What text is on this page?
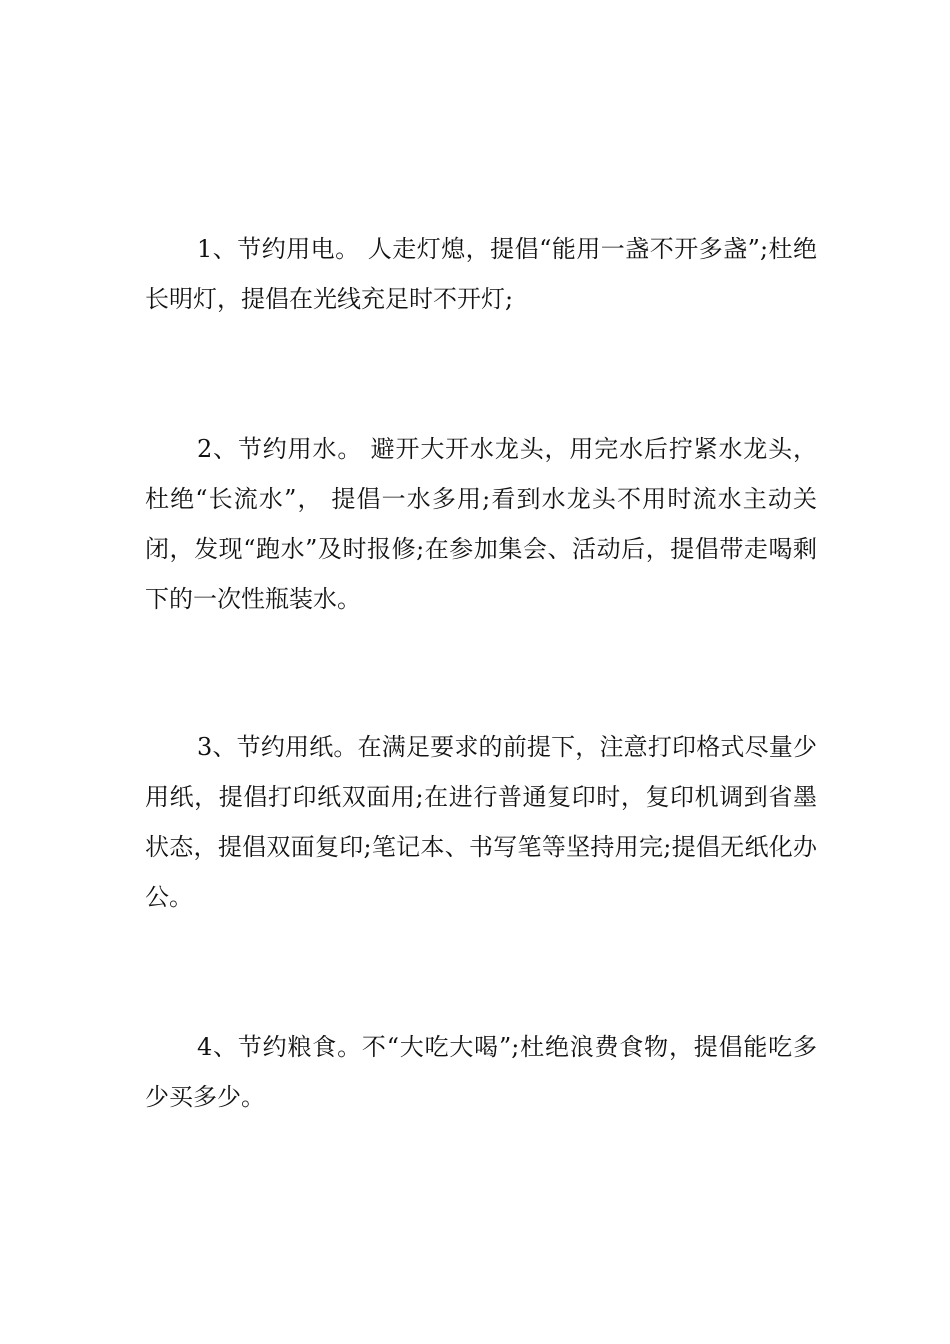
1、节约用电。 人走灯熄，提倡“能用一盏不开多盏”;杜绝长明灯，提倡在光线充足时不开灯;

2、节约用水。 避开大开水龙头，用完水后拧紧水龙头，杜绝“长流水”， 提倡一水多用;看到水龙头不用时流水主动关闭，发现“跑水”及时报修;在参加集会、活动后，提倡带走喝剩下的一次性瓶装水。

3、节约用纸。在满足要求的前提下，注意打印格式尽量少用纸，提倡打印纸双面用;在进行普通复印时，复印机调到省墨状态，提倡双面复印;笔记本、书写笔等坚持用完;提倡无纸化办公。

4、节约粮食。不“大吃大喝”;杜绝浪费食物，提倡能吃多少买多少。
